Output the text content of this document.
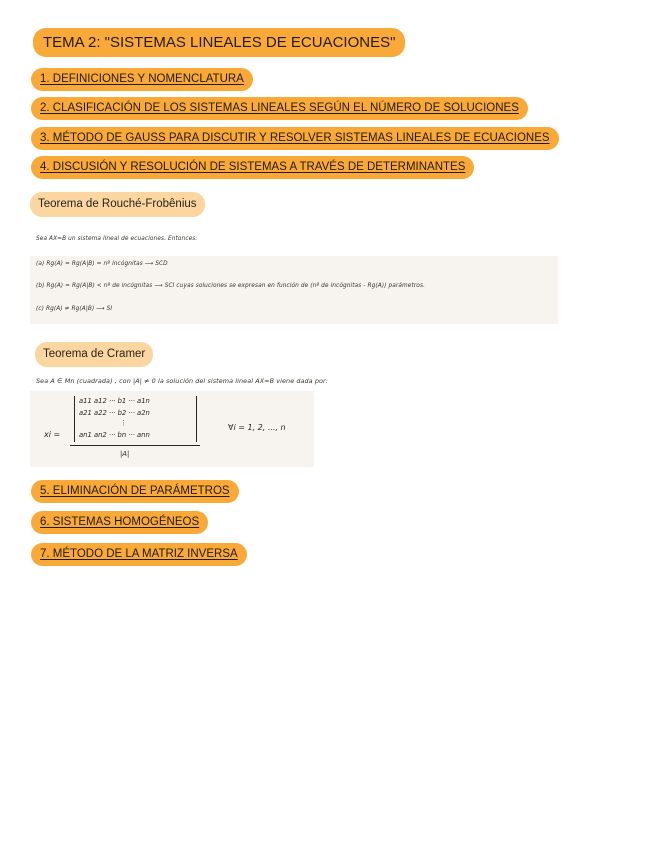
TEMA 2: "SISTEMAS LINEALES DE ECUACIONES"
1. DEFINICIONES Y NOMENCLATURA
2. CLASIFICACIÓN DE LOS SISTEMAS LINEALES SEGÚN EL NÚMERO DE SOLUCIONES
3. MÉTODO DE GAUSS PARA DISCUTIR Y RESOLVER SISTEMAS LINEALES DE ECUACIONES
4. DISCUSIÓN Y RESOLUCIÓN DE SISTEMAS A TRAVÉS DE DETERMINANTES
Teorema de Rouché-Frobênius
Sea AX=B un sistema lineal de ecuaciones. Entonces:
(a) Rg(A) = Rg(A|B) = nº incógnitas ⟶ SCD
(b) Rg(A) = Rg(A|B) < nº de incógnitas ⟶ SCI cuyas soluciones se expresan en función de (nº de incógnitas - Rg(A)) parámetros.
(c) Rg(A) ≠ Rg(A|B) ⟶ SI
Teorema de Cramer
Sea A ∈ Mn (cuadrada) , con |A| ≠ 0 la solución del sistema lineal AX=B viene dada por:
xi =
a11 a12 ··· b1 ··· a1n
a21 a22 ··· b2 ··· a2n
⋮
an1 an2 ··· bn ··· ann
|A|
∀i = 1, 2, ..., n
5. ELIMINACIÓN DE PARÁMETROS
6. SISTEMAS HOMOGÉNEOS
7. MÉTODO DE LA MATRIZ INVERSA
